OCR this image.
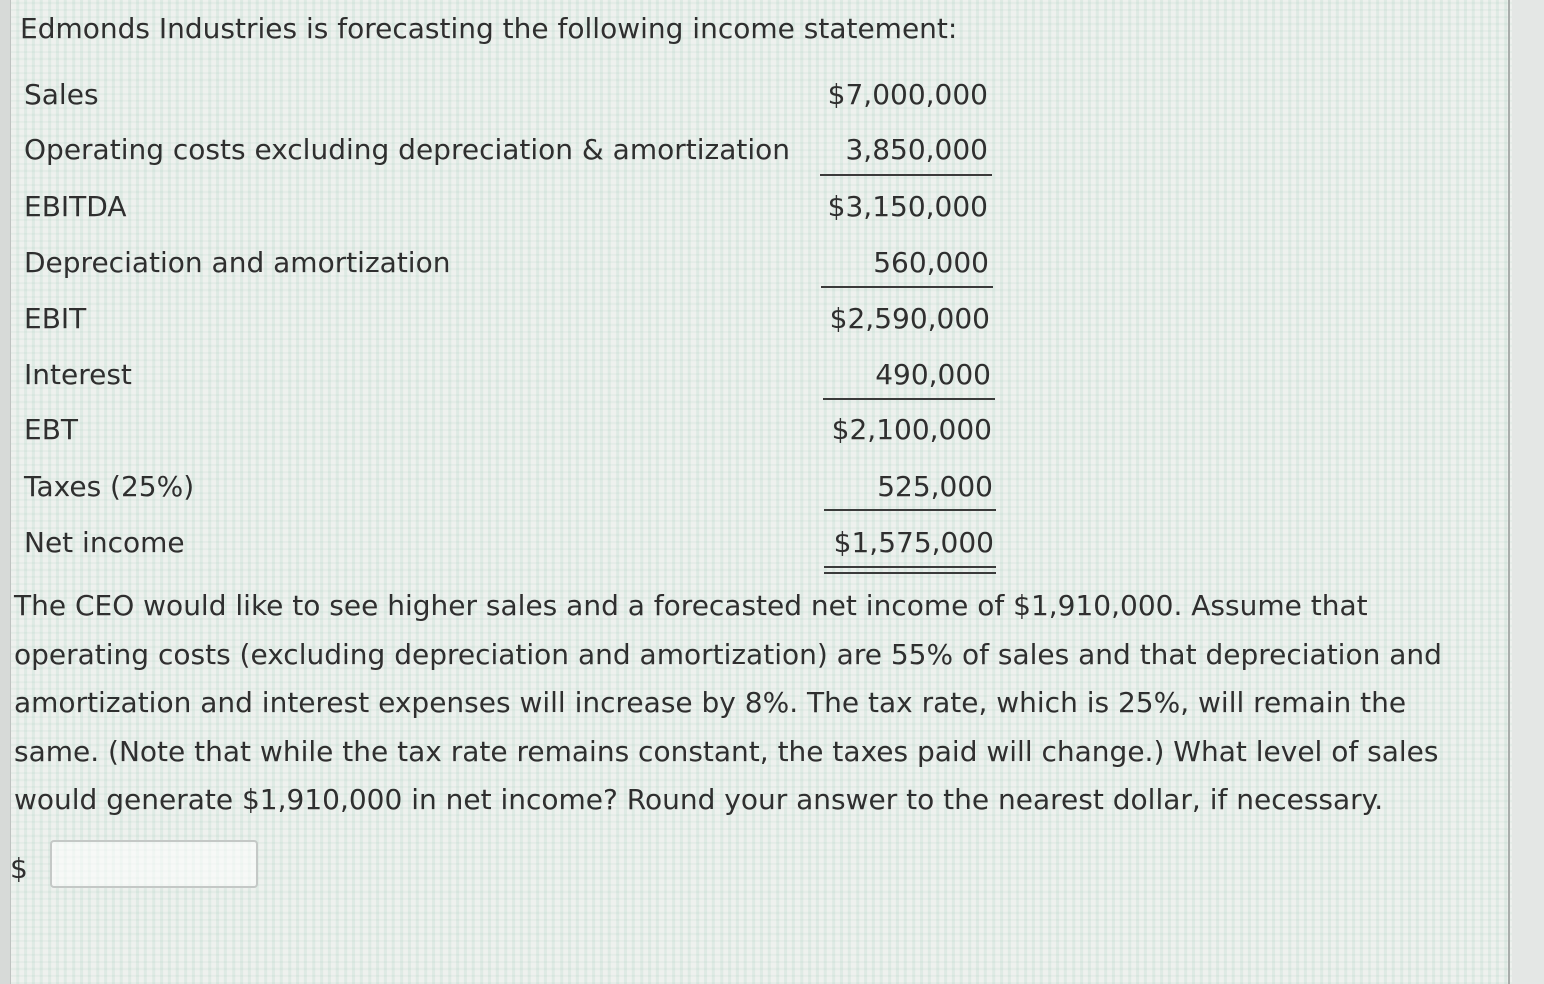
Edmonds Industries is forecasting the following income statement:

Sales	$7,000,000
Operating costs excluding depreciation & amortization	3,850,000
EBITDA	$3,150,000
Depreciation and amortization	560,000
EBIT	$2,590,000
Interest	490,000
EBT	$2,100,000
Taxes (25%)	525,000
Net income	$1,575,000

The CEO would like to see higher sales and a forecasted net income of $1,910,000. Assume that operating costs (excluding depreciation and amortization) are 55% of sales and that depreciation and amortization and interest expenses will increase by 8%. The tax rate, which is 25%, will remain the same. (Note that while the tax rate remains constant, the taxes paid will change.) What level of sales would generate $1,910,000 in net income? Round your answer to the nearest dollar, if necessary.

$
